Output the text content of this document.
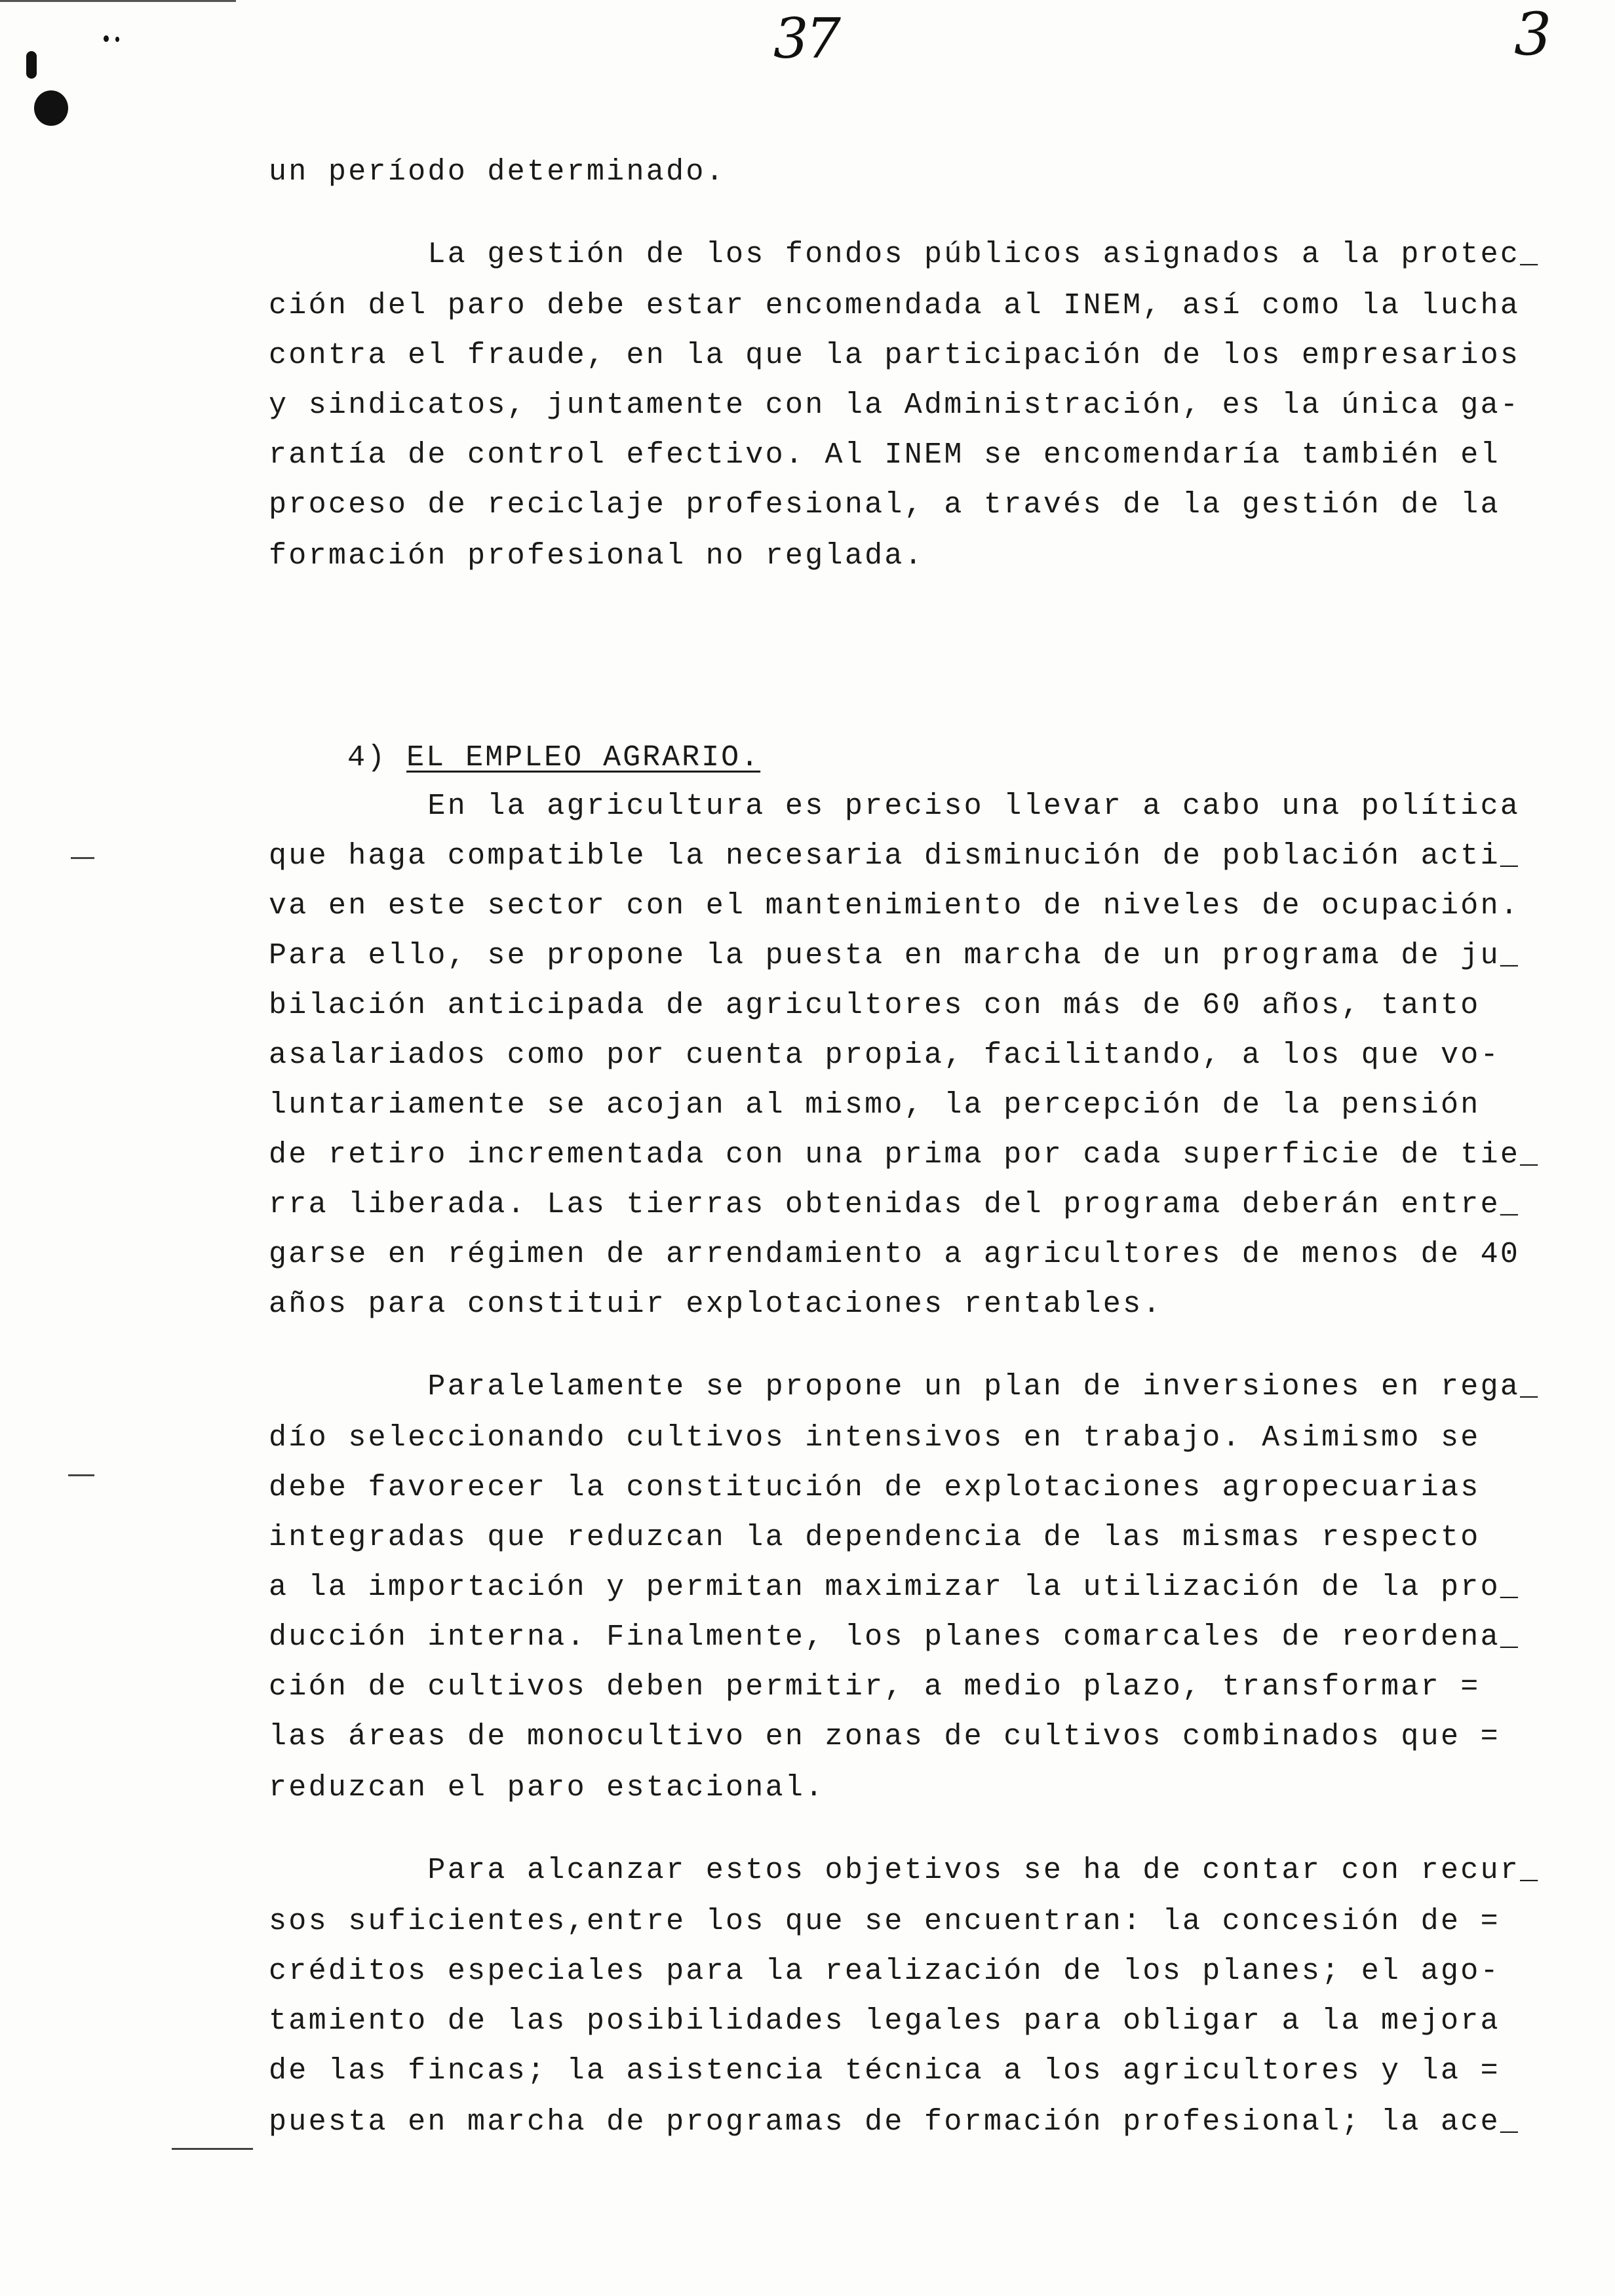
37	3
un período determinado.
La gestión de los fondos públicos asignados a la protec_
ción del paro debe estar encomendada al INEM, así como la lucha
contra el fraude, en la que la participación de los empresarios
y sindicatos, juntamente con la Administración, es la única ga-
rantía de control efectivo. Al INEM se encomendaría también el
proceso de reciclaje profesional, a través de la gestión de la
formación profesional no reglada.

4) EL EMPLEO AGRARIO.

En la agricultura es preciso llevar a cabo una política
que haga compatible la necesaria disminución de población acti_
va en este sector con el mantenimiento de niveles de ocupación.
Para ello, se propone la puesta en marcha de un programa de ju_
bilación anticipada de agricultores con más de 60 años, tanto
asalariados como por cuenta propia, facilitando, a los que vo-
luntariamente se acojan al mismo, la percepción de la pensión
de retiro incrementada con una prima por cada superficie de tie_
rra liberada. Las tierras obtenidas del programa deberán entre_
garse en régimen de arrendamiento a agricultores de menos de 40
años para constituir explotaciones rentables.
Paralelamente se propone un plan de inversiones en rega_
dío seleccionando cultivos intensivos en trabajo. Asimismo se
debe favorecer la constitución de explotaciones agropecuarias
integradas que reduzcan la dependencia de las mismas respecto
a la importación y permitan maximizar la utilización de la pro_
ducción interna. Finalmente, los planes comarcales de reordena_
ción de cultivos deben permitir, a medio plazo, transformar =
las áreas de monocultivo en zonas de cultivos combinados que =
reduzcan el paro estacional.
Para alcanzar estos objetivos se ha de contar con recur_
sos suficientes,entre los que se encuentran: la concesión de =
créditos especiales para la realización de los planes; el ago-
tamiento de las posibilidades legales para obligar a la mejora
de las fincas; la asistencia técnica a los agricultores y la =
puesta en marcha de programas de formación profesional; la ace_
